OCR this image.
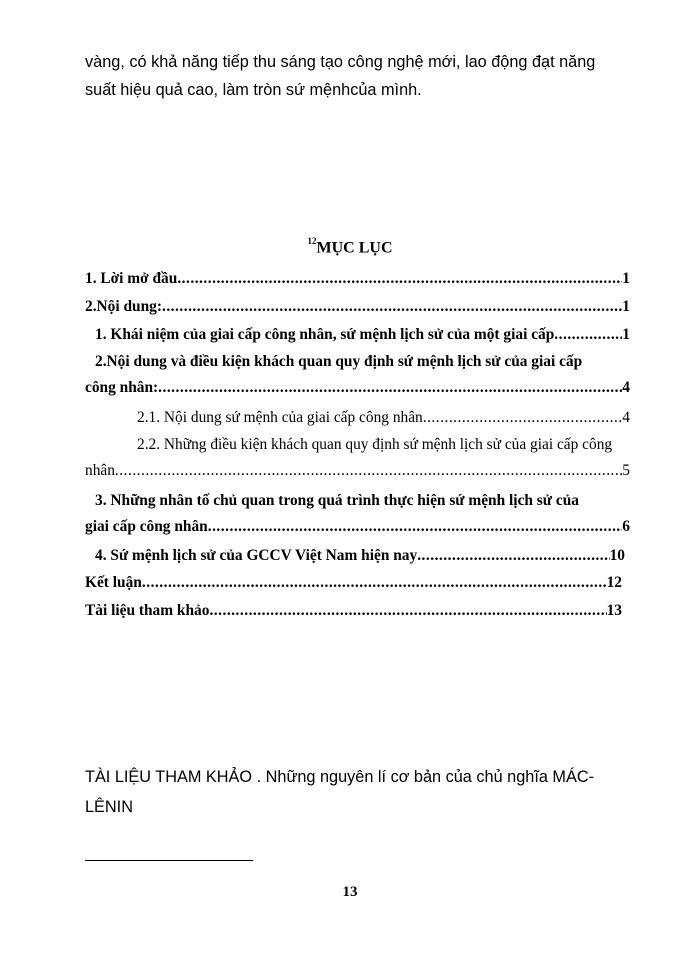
vàng, có khả năng tiếp thu sáng tạo công nghệ mới, lao động đạt năng

suất hiệu quả cao, làm tròn sứ mệnhcủa mình.

$^{12}$MỤC LỤC
1. Lời mở đầu .....	1
2.Nội dung: .....	1
1. Khái niệm của giai cấp công nhân, sứ mệnh lịch sử của một giai cấp .....	1
2.Nội dung và điều kiện khách quan quy định sứ mệnh lịch sử của giai cấp
công nhân: .....	4
2.1. Nội dung sứ mệnh của giai cấp công nhân .....	4
2.2. Những điều kiện khách quan quy định sứ mệnh lịch sử của giai cấp công
nhân .....	5
3. Những nhân tố chủ quan trong quá trình thực hiện sứ mệnh lịch sử của
giai cấp công nhân .....	6
4. Sứ mệnh lịch sử của GCCV Việt Nam hiện nay .....	10
Kết luận .....	12
Tài liệu tham khảo .....	13

TÀI LIỆU THAM KHẢO . Những nguyên lí cơ bản của chủ nghĩa MÁC-

LÊNIN

13
